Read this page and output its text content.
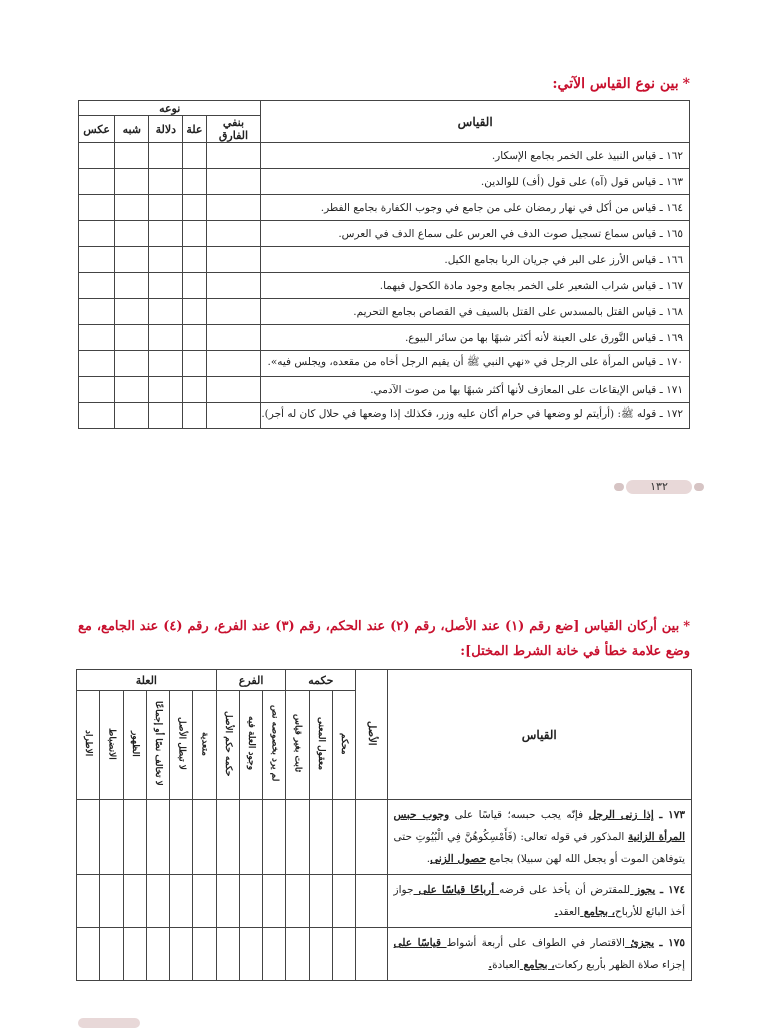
*بين نوع القياس الآتي:
القياس	نوعه				
	بنفي الفارق	علة	دلالة	شبه	عكس
١٦٢ ـ قياس النبيذ على الخمر بجامع الإسكار.					
١٦٣ ـ قياس قول (آه) على قول (أف) للوالدين.					
١٦٤ ـ قياس من أكل في نهار رمضان على من جامع في وجوب الكفارة بجامع الفطر.					
١٦٥ ـ قياس سماع تسجيل صوت الدف في العرس على سماع الدف في العرس.					
١٦٦ ـ قياس الأرز على البر في جريان الربا بجامع الكيل.					
١٦٧ ـ قياس شراب الشعير على الخمر بجامع وجود مادة الكحول فيهما.					
١٦٨ ـ قياس القتل بالمسدس على القتل بالسيف في القصاص بجامع التحريم.					
١٦٩ ـ قياس التَّورق على العينة لأنه أكثر شبهًا بها من سائر البيوع.					
١٧٠ ـ قياس المرأة على الرجل في «نهي النبي ﷺ أن يقيم الرجل أخاه من مقعده، ويجلس فيه».					
١٧١ ـ قياس الإيقاعات على المعازف لأنها أكثر شبهًا بها من صوت الآدمي.					
١٧٢ ـ قوله ﷺ: (أرأيتم لو وضعها في حرام أكان عليه وزر، فكذلك إذا وضعها في حلال كان له أجر).					
١٣٢
*بين أركان القياس [ضع رقم (١) عند الأصل، رقم (٢) عند الحكم، رقم (٣) عند الفرع، رقم (٤) عند الجامع، مع وضع علامة خطأ في خانة الشرط المختل]:
القياس	الأصل	حكمه			الفرع			العلة					
		محكم	معقول المعنى	ثابت بغير قياس	لم يرد بخصوصه نص	وجود العلة فيه	حكمه حكم الأصل	متعدية	لا تبطل الأصل	لا تخالف نصًا أو إجماعًا	الظهور	الانضباط	الاطراد
١٧٣ ـ إذا زنى الرجل فإنّه يجب حبسه؛ قياسًا على وجوب حبس المرأة الزانية المذكور في قوله تعالى: (فَأَمْسِكُوهُنَّ فِي الْبُيُوتِ حتى يتوفاهن الموت أو يجعل الله لهن سبيلا) بجامع حصول الزنى.													
١٧٤ ـ يجوز للمقترض أن يأخذ على قرضه أرباحًا قياسًا على جواز أخذ البائع للأرباح، بجامع العقد.													
١٧٥ ـ يجزئ الاقتصار في الطواف على أربعة أشواط قياسًا على إجزاء صلاة الظهر بأربع ركعات، بجامع العبادة.													
